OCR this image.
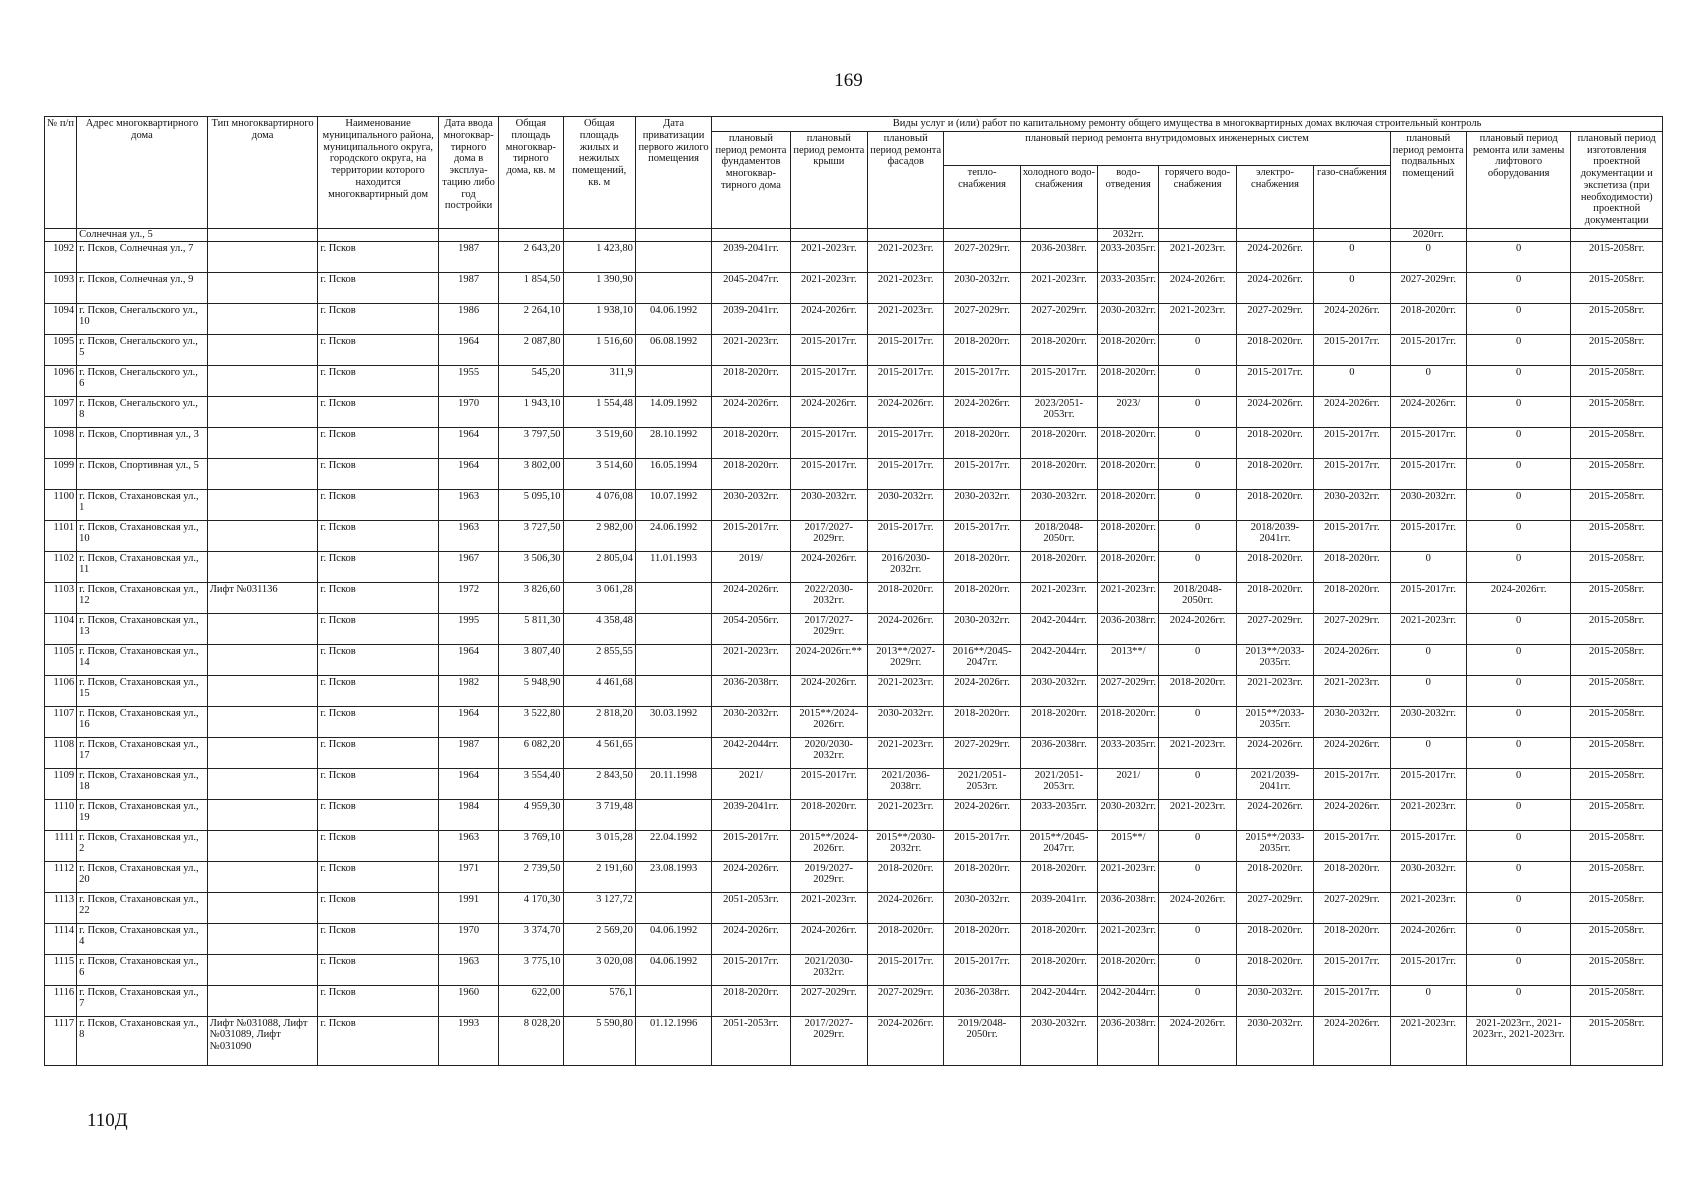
169
№ п/п	Адрес многоквартирного дома	Тип многоквартирного дома	Наименование муниципального района, муниципального округа, городского округа, на территории которого находится многоквартирный дом	Дата ввода многоквар-тирного дома в эксплуа-тацию либо год постройки	Общая площадь многоквар-тирного дома, кв. м	Общая площадь жилых и нежилых помещений, кв. м	Дата приватизации первого жилого помещения	Виды услуг и (или) работ по капитальному ремонту общего имущества в многоквартирных домах включая строительный контроль											
								плановый период ремонта фундаментов многоквар-тирного дома	плановый период ремонта крыши	плановый период ремонта фасадов	плановый период ремонта внутридомовых инженерных систем						плановый период ремонта подвальных помещений	плановый период ремонта или замены лифтового оборудования	плановый период изготовления проектной документации и экспетиза (при необходимости) проектной документации
											тепло-снабжения	холодного водо-снабжения	водо-отведения	горячего водо-снабжения	электро-снабжения	газо-снабжения			
	Солнечная ул., 5												2032гг.				2020гг.		
1092	г. Псков, Солнечная ул., 7		г. Псков	1987	2 643,20	1 423,80		2039-2041гг.	2021-2023гг.	2021-2023гг.	2027-2029гг.	2036-2038гг.	2033-2035гг.	2021-2023гг.	2024-2026гг.	0	0	0	2015-2058гг.
1093	г. Псков, Солнечная ул., 9		г. Псков	1987	1 854,50	1 390,90		2045-2047гг.	2021-2023гг.	2021-2023гг.	2030-2032гг.	2021-2023гг.	2033-2035гг.	2024-2026гг.	2024-2026гг.	0	2027-2029гг.	0	2015-2058гг.
1094	г. Псков, Снегальского ул., 10		г. Псков	1986	2 264,10	1 938,10	04.06.1992	2039-2041гг.	2024-2026гг.	2021-2023гг.	2027-2029гг.	2027-2029гг.	2030-2032гг.	2021-2023гг.	2027-2029гг.	2024-2026гг.	2018-2020гг.	0	2015-2058гг.
1095	г. Псков, Снегальского ул., 5		г. Псков	1964	2 087,80	1 516,60	06.08.1992	2021-2023гг.	2015-2017гг.	2015-2017гг.	2018-2020гг.	2018-2020гг.	2018-2020гг.	0	2018-2020гг.	2015-2017гг.	2015-2017гг.	0	2015-2058гг.
1096	г. Псков, Снегальского ул., 6		г. Псков	1955	545,20	311,9		2018-2020гг.	2015-2017гг.	2015-2017гг.	2015-2017гг.	2015-2017гг.	2018-2020гг.	0	2015-2017гг.	0	0	0	2015-2058гг.
1097	г. Псков, Снегальского ул., 8		г. Псков	1970	1 943,10	1 554,48	14.09.1992	2024-2026гг.	2024-2026гг.	2024-2026гг.	2024-2026гг.	2023/2051-2053гг.	2023/	0	2024-2026гг.	2024-2026гг.	2024-2026гг.	0	2015-2058гг.
1098	г. Псков, Спортивная ул., 3		г. Псков	1964	3 797,50	3 519,60	28.10.1992	2018-2020гг.	2015-2017гг.	2015-2017гг.	2018-2020гг.	2018-2020гг.	2018-2020гг.	0	2018-2020гг.	2015-2017гг.	2015-2017гг.	0	2015-2058гг.
1099	г. Псков, Спортивная ул., 5		г. Псков	1964	3 802,00	3 514,60	16.05.1994	2018-2020гг.	2015-2017гг.	2015-2017гг.	2015-2017гг.	2018-2020гг.	2018-2020гг.	0	2018-2020гг.	2015-2017гг.	2015-2017гг.	0	2015-2058гг.
1100	г. Псков, Стахановская ул., 1		г. Псков	1963	5 095,10	4 076,08	10.07.1992	2030-2032гг.	2030-2032гг.	2030-2032гг.	2030-2032гг.	2030-2032гг.	2018-2020гг.	0	2018-2020гг.	2030-2032гг.	2030-2032гг.	0	2015-2058гг.
1101	г. Псков, Стахановская ул., 10		г. Псков	1963	3 727,50	2 982,00	24.06.1992	2015-2017гг.	2017/2027-2029гг.	2015-2017гг.	2015-2017гг.	2018/2048-2050гг.	2018-2020гг.	0	2018/2039-2041гг.	2015-2017гг.	2015-2017гг.	0	2015-2058гг.
1102	г. Псков, Стахановская ул., 11		г. Псков	1967	3 506,30	2 805,04	11.01.1993	2019/	2024-2026гг.	2016/2030-2032гг.	2018-2020гг.	2018-2020гг.	2018-2020гг.	0	2018-2020гг.	2018-2020гг.	0	0	2015-2058гг.
1103	г. Псков, Стахановская ул., 12	Лифт №031136	г. Псков	1972	3 826,60	3 061,28		2024-2026гг.	2022/2030-2032гг.	2018-2020гг.	2018-2020гг.	2021-2023гг.	2021-2023гг.	2018/2048-2050гг.	2018-2020гг.	2018-2020гг.	2015-2017гг.	2024-2026гг.	2015-2058гг.
1104	г. Псков, Стахановская ул., 13		г. Псков	1995	5 811,30	4 358,48		2054-2056гг.	2017/2027-2029гг.	2024-2026гг.	2030-2032гг.	2042-2044гг.	2036-2038гг.	2024-2026гг.	2027-2029гг.	2027-2029гг.	2021-2023гг.	0	2015-2058гг.
1105	г. Псков, Стахановская ул., 14		г. Псков	1964	3 807,40	2 855,55		2021-2023гг.	2024-2026гг.**	2013**/2027-2029гг.	2016**/2045-2047гг.	2042-2044гг.	2013**/	0	2013**/2033-2035гг.	2024-2026гг.	0	0	2015-2058гг.
1106	г. Псков, Стахановская ул., 15		г. Псков	1982	5 948,90	4 461,68		2036-2038гг.	2024-2026гг.	2021-2023гг.	2024-2026гг.	2030-2032гг.	2027-2029гг.	2018-2020гг.	2021-2023гг.	2021-2023гг.	0	0	2015-2058гг.
1107	г. Псков, Стахановская ул., 16		г. Псков	1964	3 522,80	2 818,20	30.03.1992	2030-2032гг.	2015**/2024-2026гг.	2030-2032гг.	2018-2020гг.	2018-2020гг.	2018-2020гг.	0	2015**/2033-2035гг.	2030-2032гг.	2030-2032гг.	0	2015-2058гг.
1108	г. Псков, Стахановская ул., 17		г. Псков	1987	6 082,20	4 561,65		2042-2044гг.	2020/2030-2032гг.	2021-2023гг.	2027-2029гг.	2036-2038гг.	2033-2035гг.	2021-2023гг.	2024-2026гг.	2024-2026гг.	0	0	2015-2058гг.
1109	г. Псков, Стахановская ул., 18		г. Псков	1964	3 554,40	2 843,50	20.11.1998	2021/	2015-2017гг.	2021/2036-2038гг.	2021/2051-2053гг.	2021/2051-2053гг.	2021/	0	2021/2039-2041гг.	2015-2017гг.	2015-2017гг.	0	2015-2058гг.
1110	г. Псков, Стахановская ул., 19		г. Псков	1984	4 959,30	3 719,48		2039-2041гг.	2018-2020гг.	2021-2023гг.	2024-2026гг.	2033-2035гг.	2030-2032гг.	2021-2023гг.	2024-2026гг.	2024-2026гг.	2021-2023гг.	0	2015-2058гг.
1111	г. Псков, Стахановская ул., 2		г. Псков	1963	3 769,10	3 015,28	22.04.1992	2015-2017гг.	2015**/2024-2026гг.	2015**/2030-2032гг.	2015-2017гг.	2015**/2045-2047гг.	2015**/	0	2015**/2033-2035гг.	2015-2017гг.	2015-2017гг.	0	2015-2058гг.
1112	г. Псков, Стахановская ул., 20		г. Псков	1971	2 739,50	2 191,60	23.08.1993	2024-2026гг.	2019/2027-2029гг.	2018-2020гг.	2018-2020гг.	2018-2020гг.	2021-2023гг.	0	2018-2020гг.	2018-2020гг.	2030-2032гг.	0	2015-2058гг.
1113	г. Псков, Стахановская ул., 22		г. Псков	1991	4 170,30	3 127,72		2051-2053гг.	2021-2023гг.	2024-2026гг.	2030-2032гг.	2039-2041гг.	2036-2038гг.	2024-2026гг.	2027-2029гг.	2027-2029гг.	2021-2023гг.	0	2015-2058гг.
1114	г. Псков, Стахановская ул., 4		г. Псков	1970	3 374,70	2 569,20	04.06.1992	2024-2026гг.	2024-2026гг.	2018-2020гг.	2018-2020гг.	2018-2020гг.	2021-2023гг.	0	2018-2020гг.	2018-2020гг.	2024-2026гг.	0	2015-2058гг.
1115	г. Псков, Стахановская ул., 6		г. Псков	1963	3 775,10	3 020,08	04.06.1992	2015-2017гг.	2021/2030-2032гг.	2015-2017гг.	2015-2017гг.	2018-2020гг.	2018-2020гг.	0	2018-2020гг.	2015-2017гг.	2015-2017гг.	0	2015-2058гг.
1116	г. Псков, Стахановская ул., 7		г. Псков	1960	622,00	576,1		2018-2020гг.	2027-2029гг.	2027-2029гг.	2036-2038гг.	2042-2044гг.	2042-2044гг.	0	2030-2032гг.	2015-2017гг.	0	0	2015-2058гг.
1117	г. Псков, Стахановская ул., 8	Лифт №031088, Лифт №031089, Лифт №031090	г. Псков	1993	8 028,20	5 590,80	01.12.1996	2051-2053гг.	2017/2027-2029гг.	2024-2026гг.	2019/2048-2050гг.	2030-2032гг.	2036-2038гг.	2024-2026гг.	2030-2032гг.	2024-2026гг.	2021-2023гг.	2021-2023гг., 2021-2023гг., 2021-2023гг.	2015-2058гг.
110Д
